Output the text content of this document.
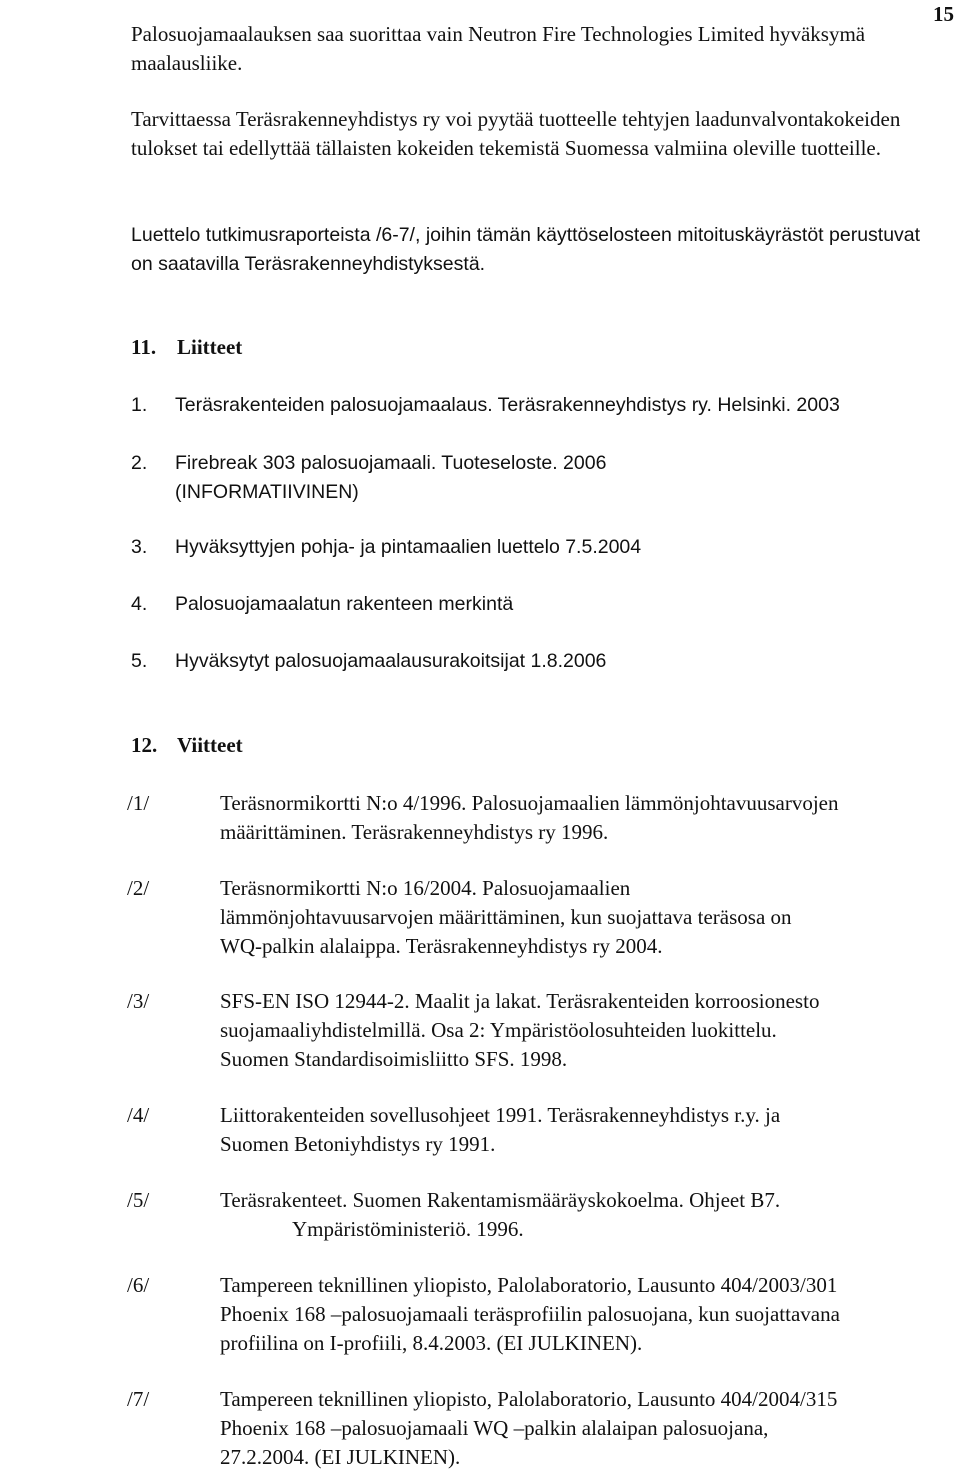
15

Palosuojamaalauksen saa suorittaa vain Neutron Fire Technologies Limited hyväksymä maalausliike.

Tarvittaessa Teräsrakenneyhdistys ry voi pyytää tuotteelle tehtyjen laadunvalvontakokeiden tulokset tai edellyttää tällaisten kokeiden tekemistä Suomessa valmiina oleville tuotteille.

Luettelo tutkimusraporteista /6-7/, joihin tämän käyttöselosteen mitoituskäyrästöt perustuvat on saatavilla Teräsrakenneyhdistyksestä.

11. Liitteet
1. Teräsrakenteiden palosuojamaalaus. Teräsrakenneyhdistys ry. Helsinki. 2003
2. Firebreak 303 palosuojamaali. Tuoteseloste. 2006
(INFORMATIIVINEN)
3. Hyväksyttyjen pohja- ja pintamaalien luettelo 7.5.2004
4. Palosuojamaalatun rakenteen merkintä
5. Hyväksytyt palosuojamaalausurakoitsijat 1.8.2006
12. Viitteet
/1/	Teräsnormikortti N:o 4/1996. Palosuojamaalien lämmönjohtavuusarvojen
määrittäminen. Teräsrakenneyhdistys ry 1996.
/2/	Teräsnormikortti N:o 16/2004. Palosuojamaalien
lämmönjohtavuusarvojen määrittäminen, kun suojattava teräsosa on
WQ-palkin alalaippa. Teräsrakenneyhdistys ry 2004.
/3/	SFS-EN ISO 12944-2. Maalit ja lakat. Teräsrakenteiden korroosionesto
suojamaaliyhdistelmillä. Osa 2: Ympäristöolosuhteiden luokittelu.
Suomen Standardisoimisliitto SFS. 1998.
/4/	Liittorakenteiden sovellusohjeet 1991. Teräsrakenneyhdistys r.y. ja
Suomen Betoniyhdistys ry 1991.
/5/	Teräsrakenteet. Suomen Rakentamismääräyskokoelma. Ohjeet B7.
Ympäristöministeriö. 1996.
/6/	Tampereen teknillinen yliopisto, Palolaboratorio, Lausunto 404/2003/301
Phoenix 168 –palosuojamaali teräsprofiilin palosuojana, kun suojattavana
profiilina on I-profiili, 8.4.2003. (EI JULKINEN).
/7/	Tampereen teknillinen yliopisto, Palolaboratorio, Lausunto 404/2004/315
Phoenix 168 –palosuojamaali WQ –palkin alalaipan palosuojana,
27.2.2004. (EI JULKINEN).
